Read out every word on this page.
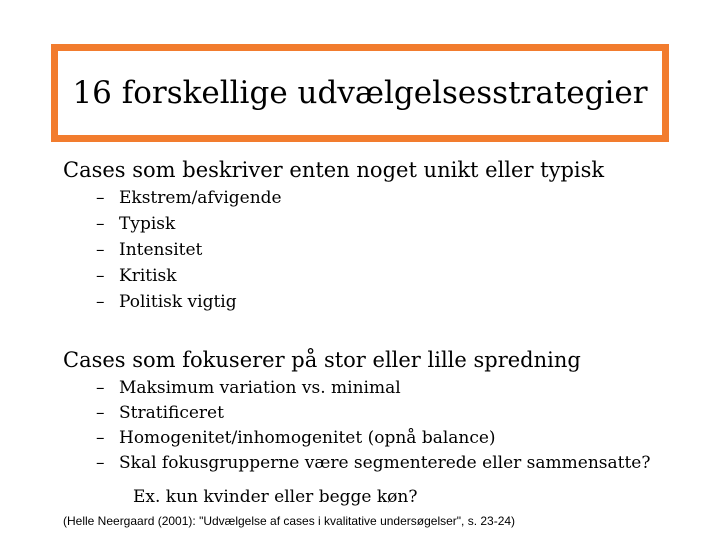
16 forskellige udvælgelsesstrategier
Cases som beskriver enten noget unikt eller typisk
– Ekstrem/afvigende
– Typisk
– Intensitet
– Kritisk
– Politisk vigtig
Cases som fokuserer på stor eller lille spredning
– Maksimum variation vs. minimal
– Stratificeret
– Homogenitet/inhomogenitet (opnå balance)
– Skal fokusgrupperne være segmenterede eller sammensatte?
Ex. kun kvinder eller begge køn?
(Helle Neergaard (2001): "Udvælgelse af cases i kvalitative undersøgelser", s. 23-24)
